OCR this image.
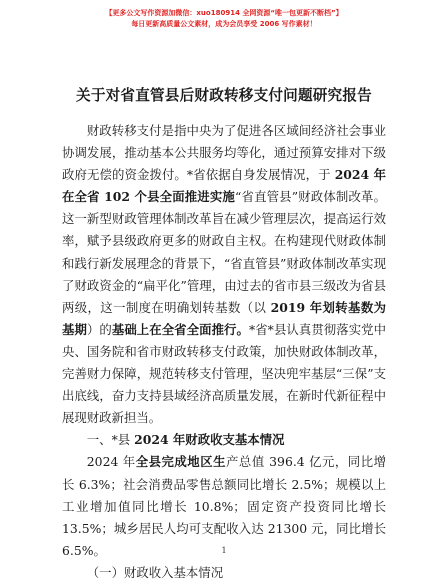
【更多公文写作资源加微信：xuo180914 全网资源“唯一包更新不断档”】
每日更新高质量公文素材，成为会员享受 2006 写作素材！
关于对省直管县后财政转移支付问题研究报告

财政转移支付是指中央为了促进各区域间经济社会事业协调发展，推动基本公共服务均等化，通过预算安排对下级政府无偿的资金拨付。*省依据自身发展情况，于 2024 年在全省 102 个县全面推进实施“省直管县”财政体制改革。这一新型财政管理体制改革旨在减少管理层次，提高运行效率，赋予县级政府更多的财政自主权。在构建现代财政体制和践行新发展理念的背景下，“省直管县”财政体制改革实现了财政资金的“扁平化”管理，由过去的省市县三级改为省县两级，这一制度在明确划转基数（以 2019 年划转基数为基期）的基础上在全省全面推行。*省*县认真贯彻落实党中央、国务院和省市财政转移支付政策，加快财政体制改革，完善财力保障，规范转移支付管理，坚决兜牢基层“三保”支出底线，奋力支持县域经济高质量发展，在新时代新征程中展现财政新担当。

一、*县 2024 年财政收支基本情况

2024 年全县完成地区生产总值 396.4 亿元，同比增长 6.3%；社会消费品零售总额同比增长 2.5%；规模以上工业增加值同比增长 10.8%；固定资产投资同比增长 13.5%；城乡居民人均可支配收入达 21300 元，同比增长 6.5%。

（一）财政收入基本情况

1
